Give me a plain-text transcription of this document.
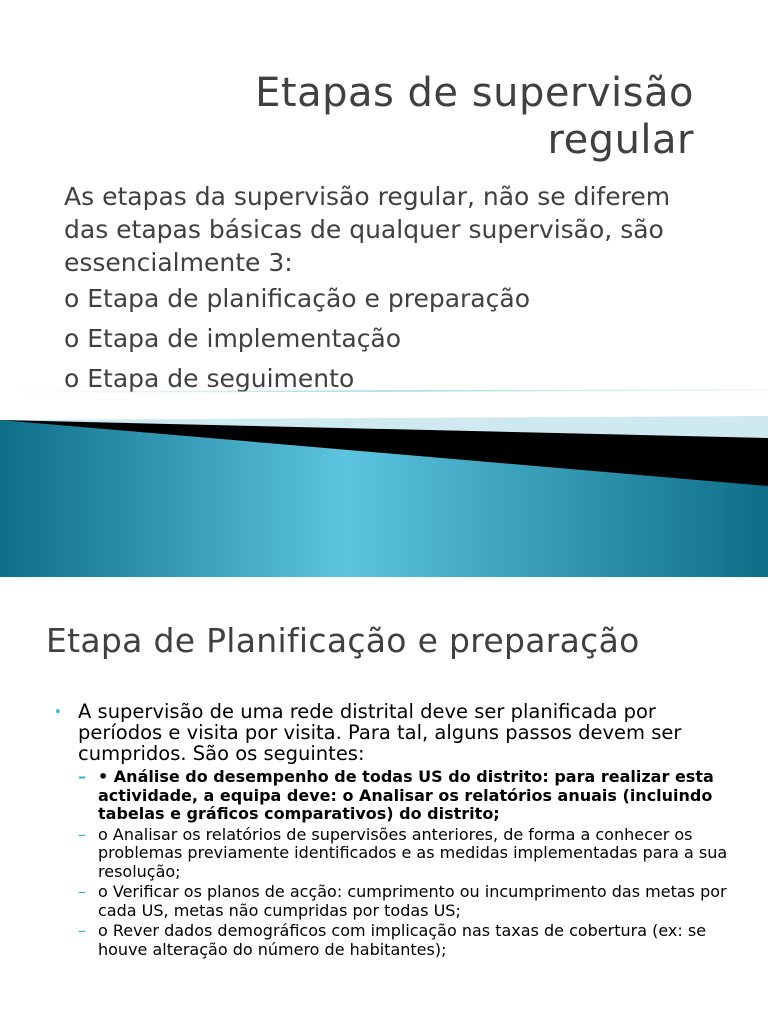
Etapas de supervisão
regular

As etapas da supervisão regular, não se diferem das etapas básicas de qualquer supervisão, são essencialmente 3:

o Etapa de planificação e preparação

o Etapa de implementação

o Etapa de seguimento

Etapa de Planificação e preparação
• A supervisão de uma rede distrital deve ser planificada por períodos e visita por visita. Para tal, alguns passos devem ser cumpridos. São os seguintes:
– • Análise do desempenho de todas US do distrito: para realizar esta actividade, a equipa deve: o Analisar os relatórios anuais (incluindo tabelas e gráficos comparativos) do distrito;
– o Analisar os relatórios de supervisões anteriores, de forma a conhecer os problemas previamente identificados e as medidas implementadas para a sua resolução;
– o Verificar os planos de acção: cumprimento ou incumprimento das metas por cada US, metas não cumpridas por todas US;
– o Rever dados demográficos com implicação nas taxas de cobertura (ex: se houve alteração do número de habitantes);
